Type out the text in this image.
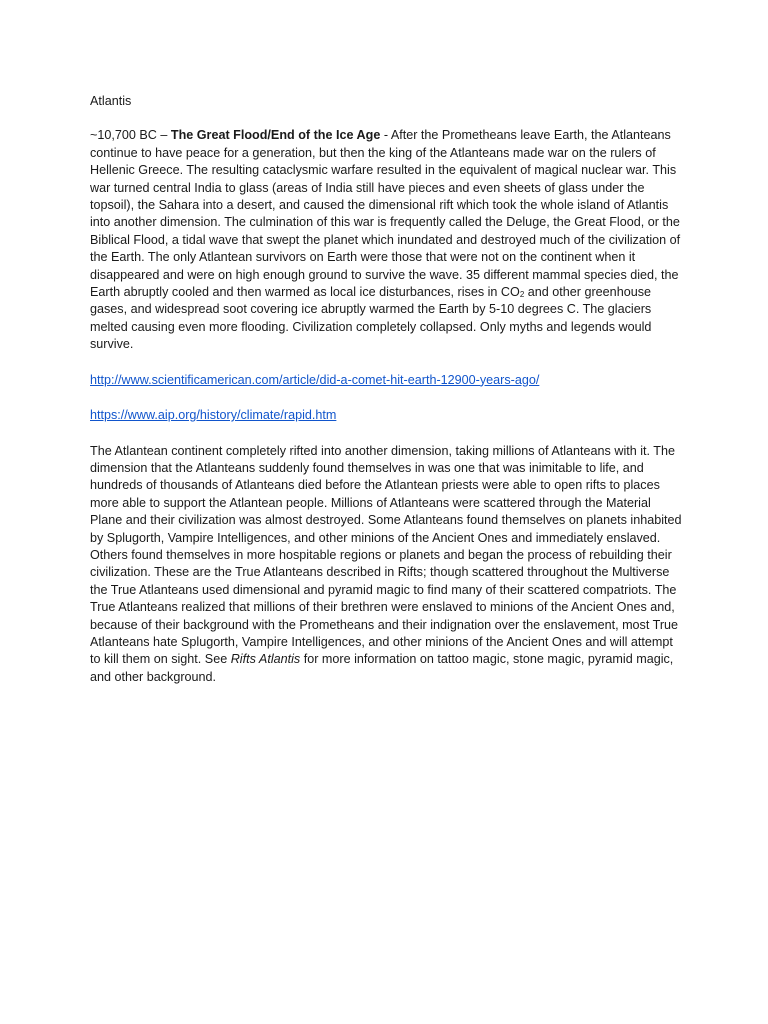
Atlantis

~10,700 BC – The Great Flood/End of the Ice Age - After the Prometheans leave Earth, the Atlanteans continue to have peace for a generation, but then the king of the Atlanteans made war on the rulers of Hellenic Greece. The resulting cataclysmic warfare resulted in the equivalent of magical nuclear war. This war turned central India to glass (areas of India still have pieces and even sheets of glass under the topsoil), the Sahara into a desert, and caused the dimensional rift which took the whole island of Atlantis into another dimension. The culmination of this war is frequently called the Deluge, the Great Flood, or the Biblical Flood, a tidal wave that swept the planet which inundated and destroyed much of the civilization of the Earth. The only Atlantean survivors on Earth were those that were not on the continent when it disappeared and were on high enough ground to survive the wave. 35 different mammal species died, the Earth abruptly cooled and then warmed as local ice disturbances, rises in $CO_2$ and other greenhouse gases, and widespread soot covering ice abruptly warmed the Earth by 5-10 degrees C. The glaciers melted causing even more flooding. Civilization completely collapsed. Only myths and legends would survive.

http://www.scientificamerican.com/article/did-a-comet-hit-earth-12900-years-ago/

https://www.aip.org/history/climate/rapid.htm

The Atlantean continent completely rifted into another dimension, taking millions of Atlanteans with it. The dimension that the Atlanteans suddenly found themselves in was one that was inimitable to life, and hundreds of thousands of Atlanteans died before the Atlantean priests were able to open rifts to places more able to support the Atlantean people. Millions of Atlanteans were scattered through the Material Plane and their civilization was almost destroyed. Some Atlanteans found themselves on planets inhabited by Splugorth, Vampire Intelligences, and other minions of the Ancient Ones and immediately enslaved. Others found themselves in more hospitable regions or planets and began the process of rebuilding their civilization. These are the True Atlanteans described in Rifts; though scattered throughout the Multiverse the True Atlanteans used dimensional and pyramid magic to find many of their scattered compatriots. The True Atlanteans realized that millions of their brethren were enslaved to minions of the Ancient Ones and, because of their background with the Prometheans and their indignation over the enslavement, most True Atlanteans hate Splugorth, Vampire Intelligences, and other minions of the Ancient Ones and will attempt to kill them on sight. See Rifts Atlantis for more information on tattoo magic, stone magic, pyramid magic, and other background.
